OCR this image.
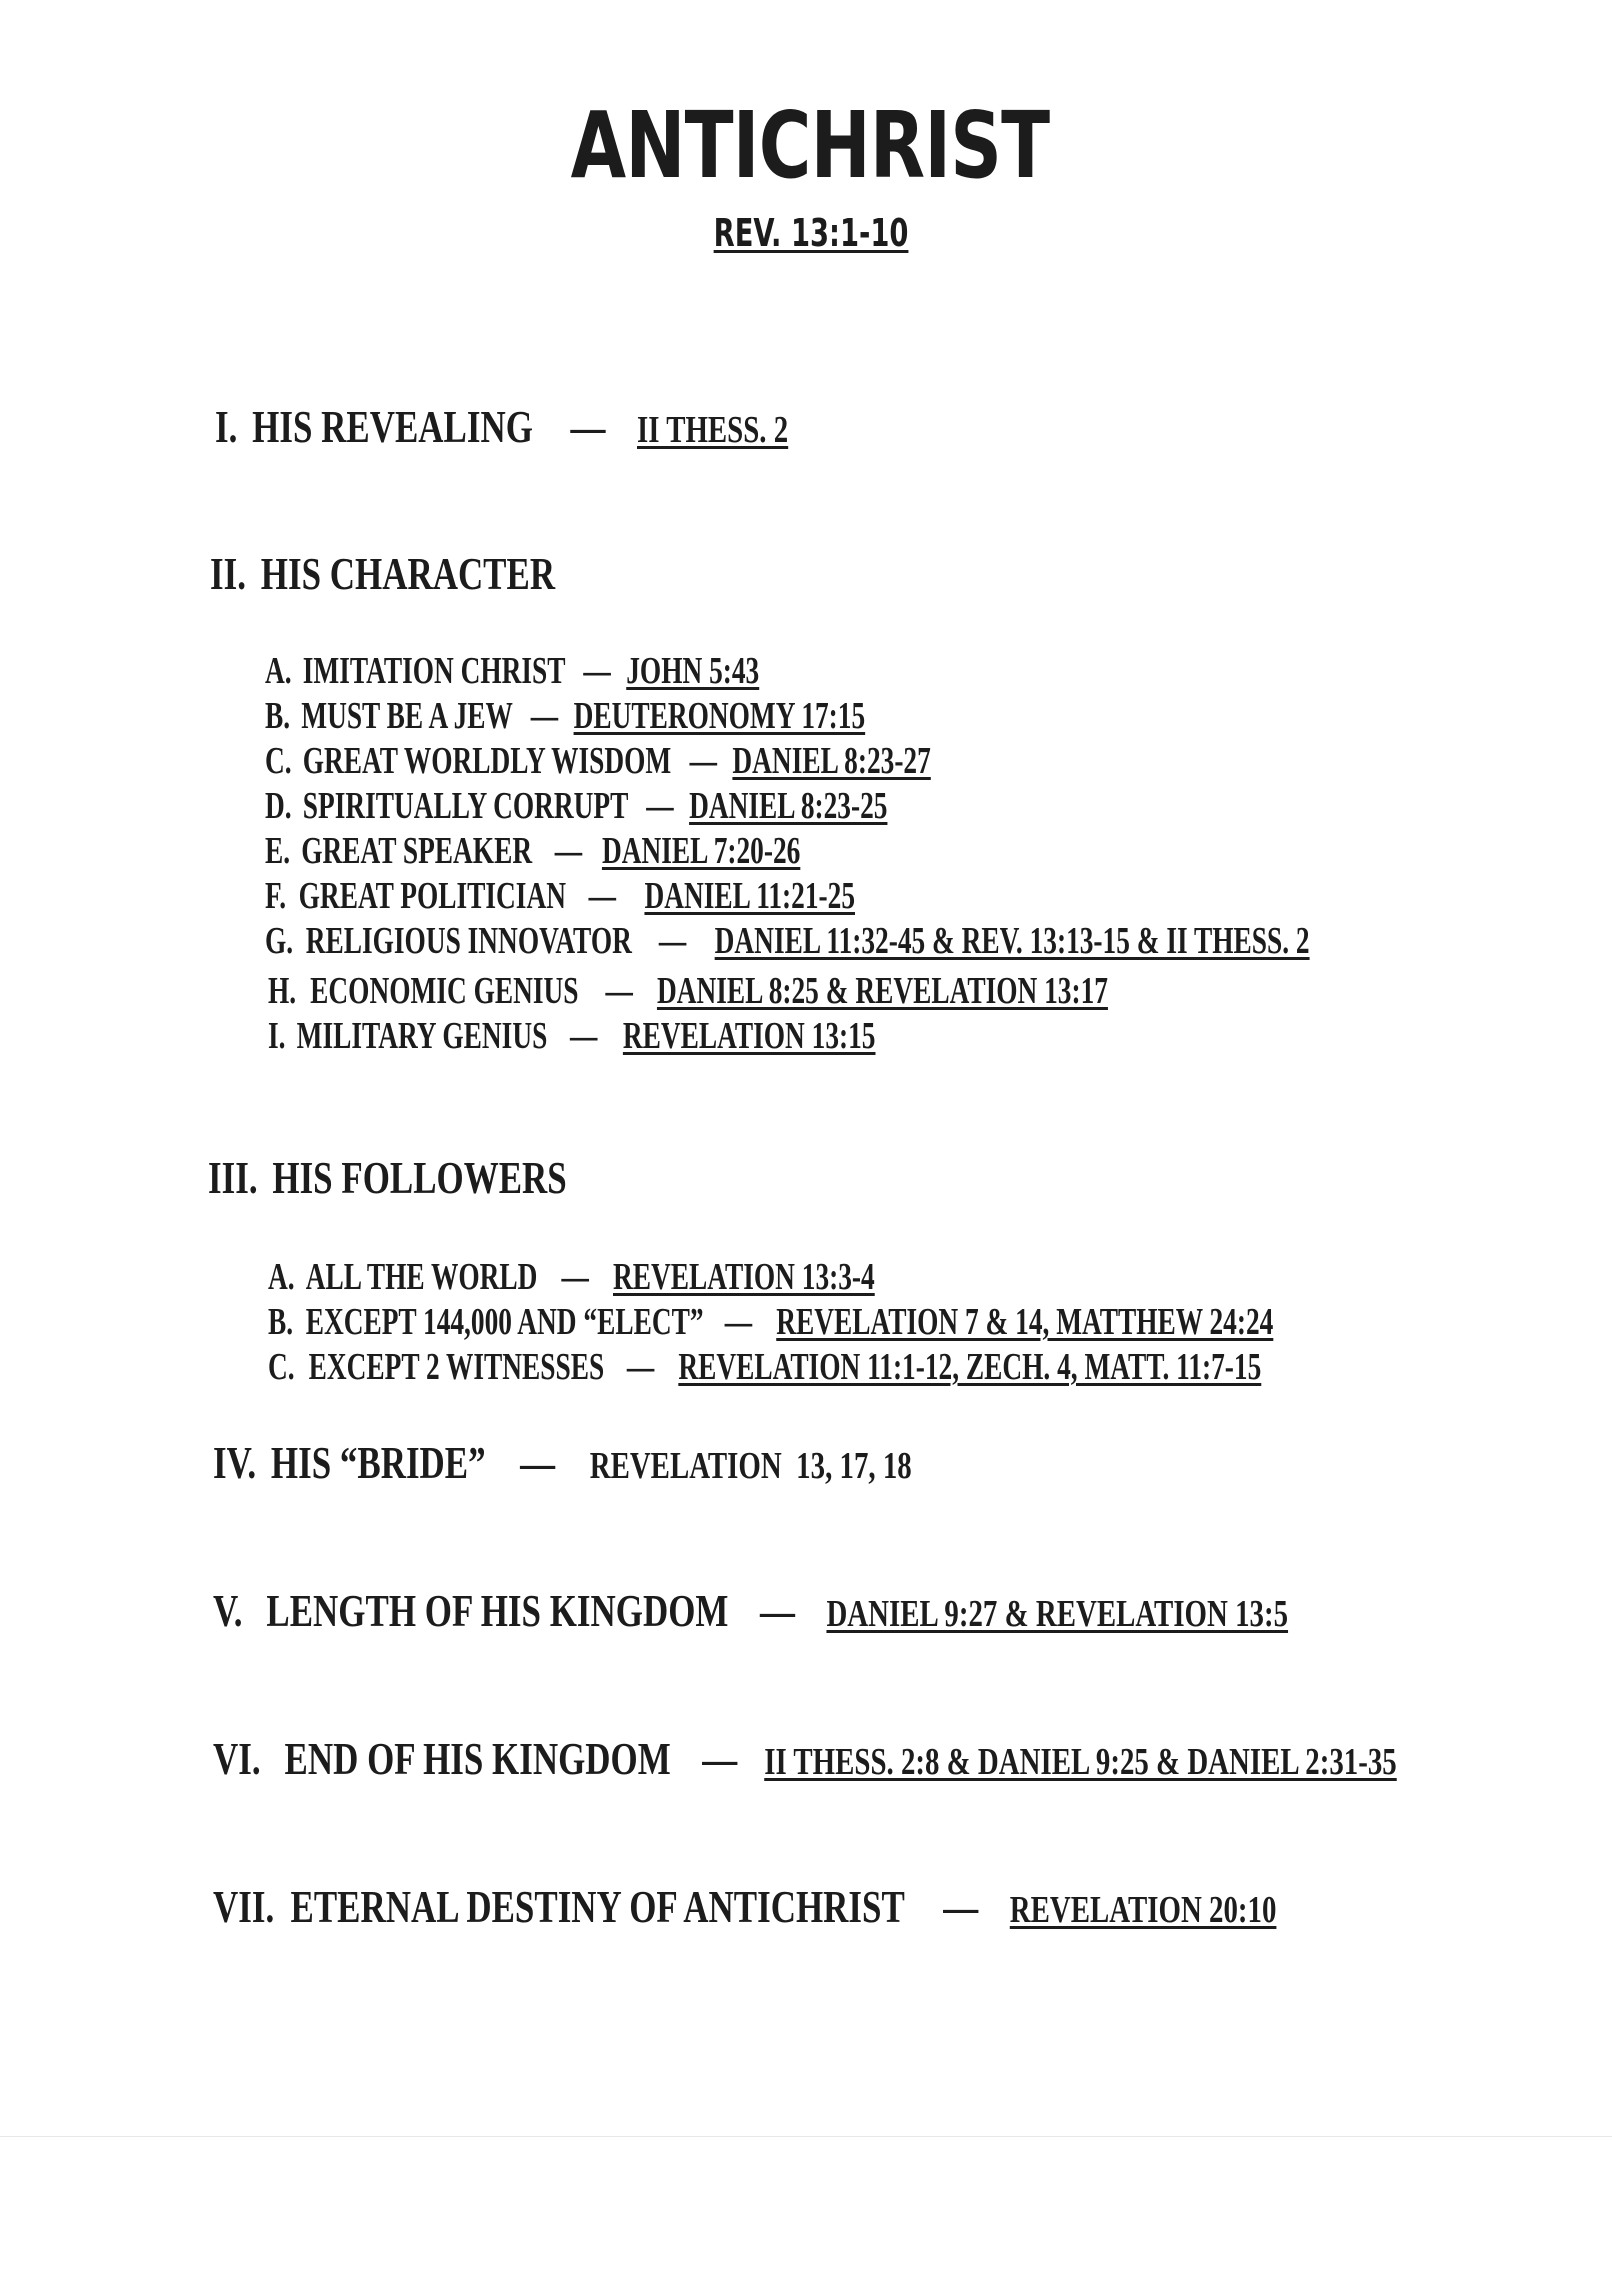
ANTICHRIST
REV. 13:1-10
I. HIS REVEALING — II THESS. 2
II. HIS CHARACTER
A. IMITATION CHRIST — JOHN 5:43
B. MUST BE A JEW — DEUTERONOMY 17:15
C. GREAT WORLDLY WISDOM — DANIEL 8:23-27
D. SPIRITUALLY CORRUPT — DANIEL 8:23-25
E. GREAT SPEAKER — DANIEL 7:20-26
F. GREAT POLITICIAN — DANIEL 11:21-25
G. RELIGIOUS INNOVATOR — DANIEL 11:32-45 & REV. 13:13-15 & II THESS. 2
H. ECONOMIC GENIUS — DANIEL 8:25 & REVELATION 13:17
I. MILITARY GENIUS — REVELATION 13:15
III. HIS FOLLOWERS
A. ALL THE WORLD — REVELATION 13:3-4
B. EXCEPT 144,000 AND “ELECT” — REVELATION 7 & 14, MATTHEW 24:24
C. EXCEPT 2 WITNESSES — REVELATION 11:1-12, ZECH. 4, MATT. 11:7-15
IV. HIS “BRIDE” — REVELATION  13, 17, 18
V. LENGTH OF HIS KINGDOM — DANIEL 9:27 & REVELATION 13:5
VI. END OF HIS KINGDOM — II THESS. 2:8 & DANIEL 9:25 & DANIEL 2:31-35
VII. ETERNAL DESTINY OF ANTICHRIST — REVELATION 20:10
